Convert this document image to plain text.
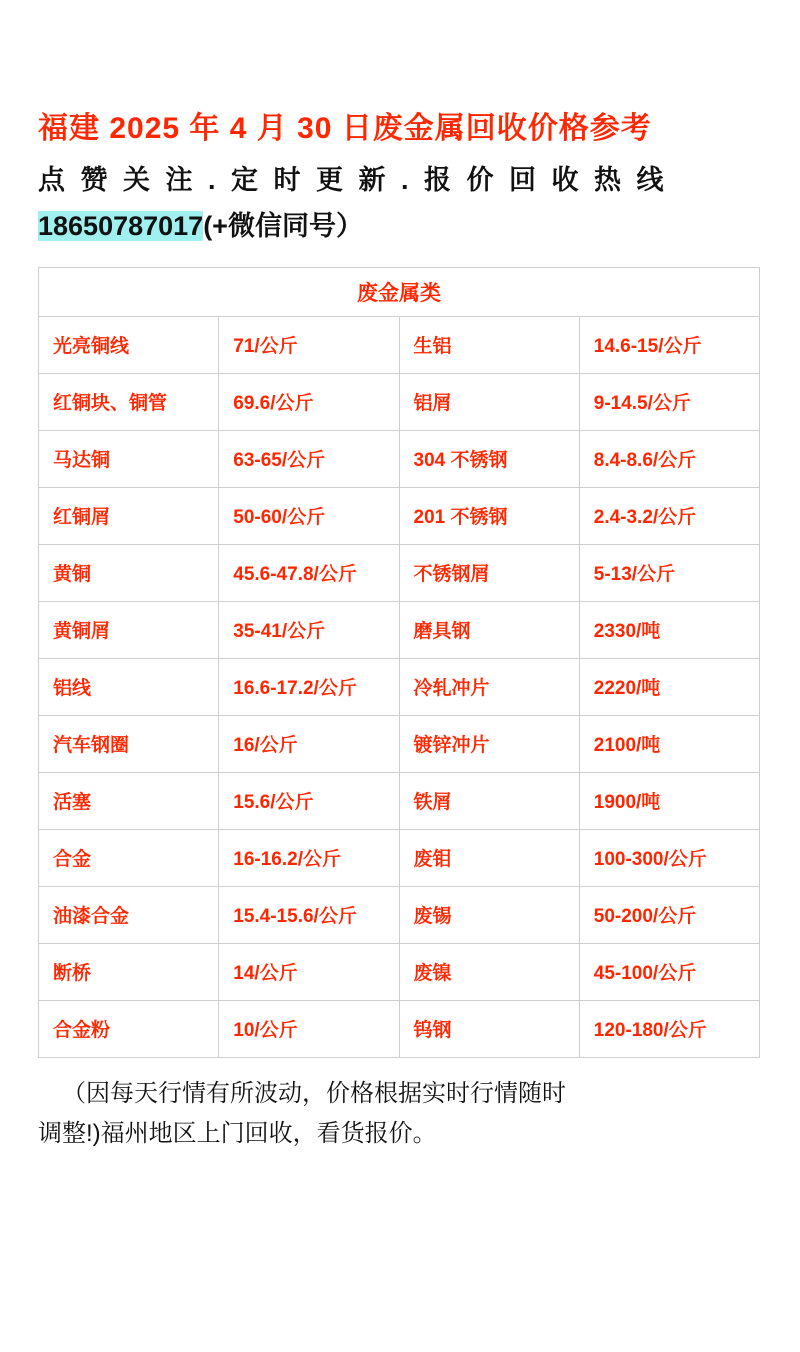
福建 2025 年 4 月 30 日废金属回收价格参考
点 赞 关 注 . 定 时 更 新 . 报 价 回 收 热 线
18650787017(+微信同号）
废金属类			
光亮铜线	71/公斤	生铝	14.6-15/公斤
红铜块、铜管	69.6/公斤	铝屑	9-14.5/公斤
马达铜	63-65/公斤	304 不锈钢	8.4-8.6/公斤
红铜屑	50-60/公斤	201 不锈钢	2.4-3.2/公斤
黄铜	45.6-47.8/公斤	不锈钢屑	5-13/公斤
黄铜屑	35-41/公斤	磨具钢	2330/吨
铝线	16.6-17.2/公斤	冷轧冲片	2220/吨
汽车钢圈	16/公斤	镀锌冲片	2100/吨
活塞	15.6/公斤	铁屑	1900/吨
合金	16-16.2/公斤	废钼	100-300/公斤
油漆合金	15.4-15.6/公斤	废锡	50-200/公斤
断桥	14/公斤	废镍	45-100/公斤
合金粉	10/公斤	钨钢	120-180/公斤
（因每天行情有所波动，价格根据实时行情随时
调整!)福州地区上门回收，看货报价。
